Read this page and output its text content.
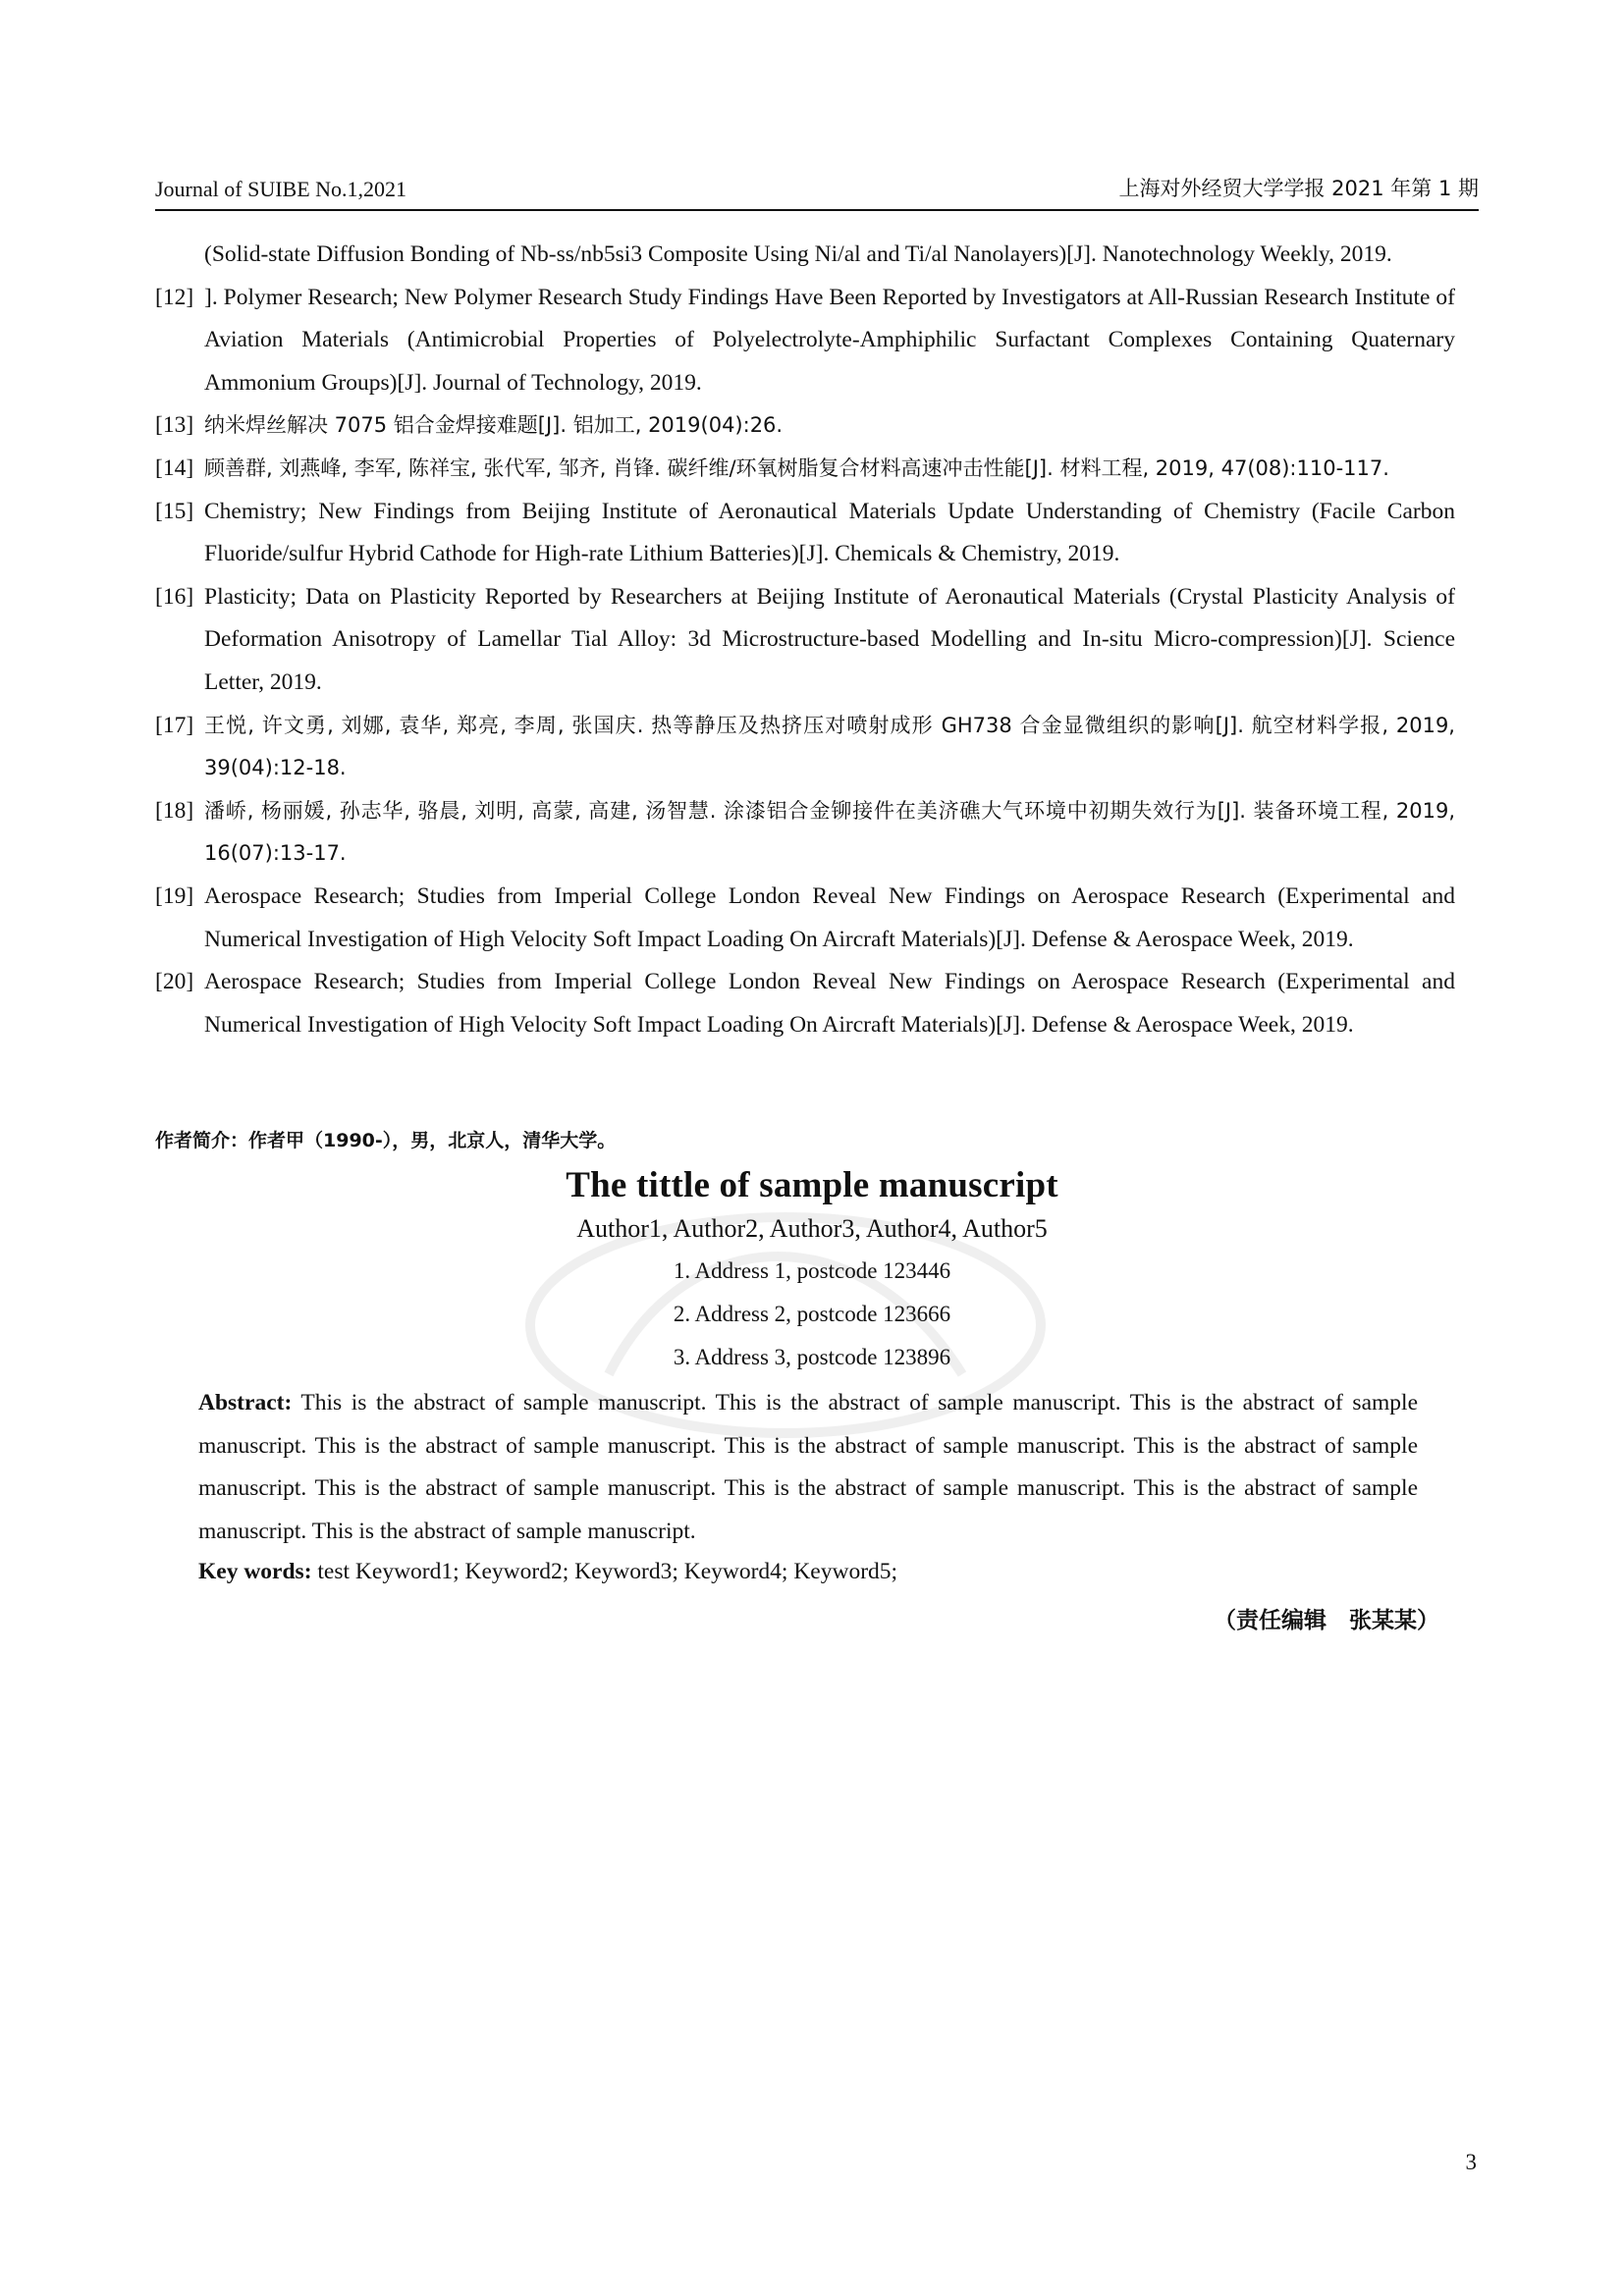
Journal of SUIBE No.1,2021	上海对外经贸大学学报 2021 年第 1 期
(Solid-state Diffusion Bonding of Nb-ss/nb5si3 Composite Using Ni/al and Ti/al Nanolayers)[J]. Nanotechnology Weekly, 2019.
[12] ]. Polymer Research; New Polymer Research Study Findings Have Been Reported by Investigators at All-Russian Research Institute of Aviation Materials (Antimicrobial Properties of Polyelectrolyte-Amphiphilic Surfactant Complexes Containing Quaternary Ammonium Groups)[J]. Journal of Technology, 2019.
[13] 纳米焊丝解决 7075 铝合金焊接难题[J]. 铝加工, 2019(04):26.
[14] 顾善群, 刘燕峰, 李军, 陈祥宝, 张代军, 邹齐, 肖锋. 碳纤维/环氧树脂复合材料高速冲击性能[J]. 材料工程, 2019, 47(08):110-117.
[15] Chemistry; New Findings from Beijing Institute of Aeronautical Materials Update Understanding of Chemistry (Facile Carbon Fluoride/sulfur Hybrid Cathode for High-rate Lithium Batteries)[J]. Chemicals & Chemistry, 2019.
[16] Plasticity; Data on Plasticity Reported by Researchers at Beijing Institute of Aeronautical Materials (Crystal Plasticity Analysis of Deformation Anisotropy of Lamellar Tial Alloy: 3d Microstructure-based Modelling and In-situ Micro-compression)[J]. Science Letter, 2019.
[17] 王悦, 许文勇, 刘娜, 袁华, 郑亮, 李周, 张国庆. 热等静压及热挤压对喷射成形 GH738 合金显微组织的影响[J]. 航空材料学报, 2019, 39(04):12-18.
[18] 潘峤, 杨丽媛, 孙志华, 骆晨, 刘明, 高蒙, 高建, 汤智慧. 涂漆铝合金铆接件在美济礁大气环境中初期失效行为[J]. 装备环境工程, 2019, 16(07):13-17.
[19] Aerospace Research; Studies from Imperial College London Reveal New Findings on Aerospace Research (Experimental and Numerical Investigation of High Velocity Soft Impact Loading On Aircraft Materials)[J]. Defense & Aerospace Week, 2019.
[20] Aerospace Research; Studies from Imperial College London Reveal New Findings on Aerospace Research (Experimental and Numerical Investigation of High Velocity Soft Impact Loading On Aircraft Materials)[J]. Defense & Aerospace Week, 2019.
作者简介：作者甲（1990-），男，北京人，清华大学。
The tittle of sample manuscript
Author1, Author2, Author3, Author4, Author5
1. Address 1, postcode 123446
2. Address 2, postcode 123666
3. Address 3, postcode 123896
Abstract: This is the abstract of sample manuscript. This is the abstract of sample manuscript. This is the abstract of sample manuscript. This is the abstract of sample manuscript. This is the abstract of sample manuscript. This is the abstract of sample manuscript. This is the abstract of sample manuscript. This is the abstract of sample manuscript. This is the abstract of sample manuscript. This is the abstract of sample manuscript.
Key words: test Keyword1; Keyword2; Keyword3; Keyword4; Keyword5;
（责任编辑　张某某）
3
